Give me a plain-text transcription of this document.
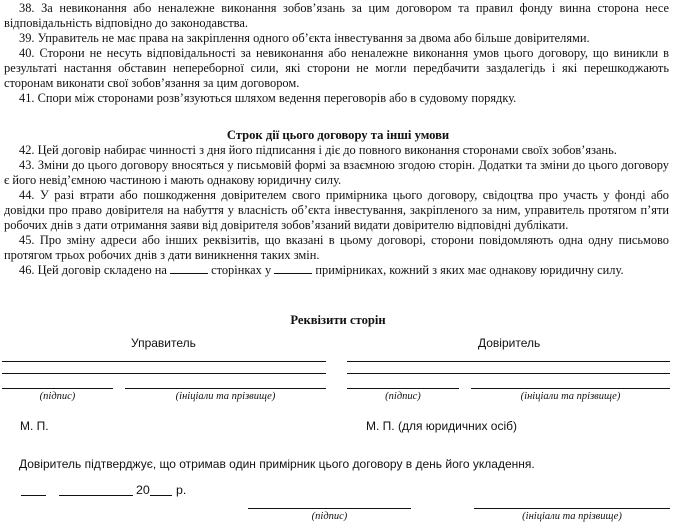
38. За невиконання або неналежне виконання зобов’язань за цим договором та правил фонду винна сторона несе відповідальність відповідно до законодавства.

39. Управитель не має права на закріплення одного об’єкта інвестування за двома або більше довірителями.

40. Сторони не несуть відповідальності за невиконання або неналежне виконання умов цього договору, що виникли в результаті настання обставин непереборної сили, які сторони не могли передбачити заздалегідь і які перешкоджають сторонам виконати свої зобов’язання за цим договором.

41. Спори між сторонами розв’язуються шляхом ведення переговорів або в судовому порядку.

Строк дії цього договору та інші умови

42. Цей договір набирає чинності з дня його підписання і діє до повного виконання сторонами своїх зобов’язань.

43. Зміни до цього договору вносяться у письмовій формі за взаємною згодою сторін. Додатки та зміни до цього договору є його невід’ємною частиною і мають однакову юридичну силу.

44. У разі втрати або пошкодження довірителем свого примірника цього договору, свідоцтва про участь у фонді або довідки про право довірителя на набуття у власність об’єкта інвестування, закріпленого за ним, управитель протягом п’яти робочих днів з дати отримання заяви від довірителя зобов’язаний видати довірителю відповідні дублікати.

45. Про зміну адреси або інших реквізитів, що вказані в цьому договорі, сторони повідомляють одна одну письмово протягом трьох робочих днів з дати виникнення таких змін.

46. Цей договір складено на	сторінках у	примірниках, кожний з яких має однакову юридичну силу.

Реквізити сторін

Управитель	Довіритель
(підпис)	(ініціали та прізвище)	(підпис)	(ініціали та прізвище)
М. П.	М. П. (для юридичних осіб)
Довіритель підтверджує, що отримав один примірник цього договору в день його укладення.
20 р.
(підпис)	(ініціали та прізвище)
